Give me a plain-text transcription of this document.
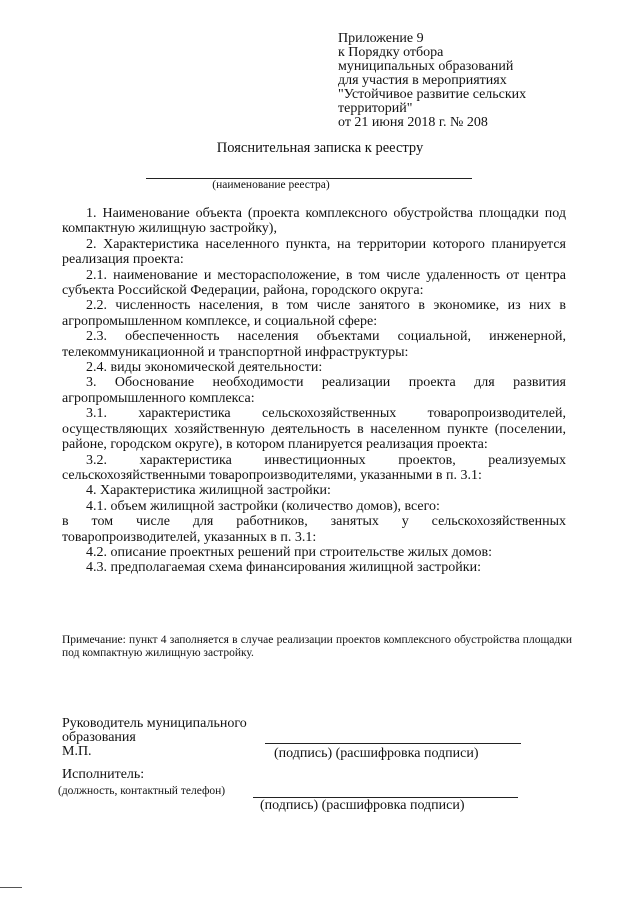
Приложение 9
к Порядку отбора
муниципальных образований
для участия в мероприятиях
"Устойчивое развитие сельских
территорий"
от 21 июня 2018 г. № 208
Пояснительная записка к реестру
(наименование реестра)

1. Наименование объекта (проекта комплексного обустройства площадки под компактную жилищную застройку),

2. Характеристика населенного пункта, на территории которого планируется реализация проекта:

2.1. наименование и месторасположение, в том числе удаленность от центра субъекта Российской Федерации, района, городского округа:

2.2. численность населения, в том числе занятого в экономике, из них в агропромышленном комплексе, и социальной сфере:

2.3. обеспеченность населения объектами социальной, инженерной, телекоммуникационной и транспортной инфраструктуры:

2.4. виды экономической деятельности:

3. Обоснование необходимости реализации проекта для развития агропромышленного комплекса:

3.1. характеристика сельскохозяйственных товаропроизводителей, осуществляющих хозяйственную деятельность в населенном пункте (поселении, районе, городском округе), в котором планируется реализация проекта:

3.2. характеристика инвестиционных проектов, реализуемых сельскохозяйственными товаропроизводителями, указанными в п. 3.1:

4. Характеристика жилищной застройки:

4.1. объем жилищной застройки (количество домов), всего:

в том числе для работников, занятых у сельскохозяйственных товаропроизводителей, указанных в п. 3.1:

4.2. описание проектных решений при строительстве жилых домов:

4.3. предполагаемая схема финансирования жилищной застройки:

Примечание: пункт 4 заполняется в случае реализации проектов комплексного обустройства площадки под компактную жилищную застройку.
Руководитель муниципального
образования
М.П.	(подпись) (расшифровка подписи)
Исполнитель:
(должность, контактный телефон)
(подпись) (расшифровка подписи)
